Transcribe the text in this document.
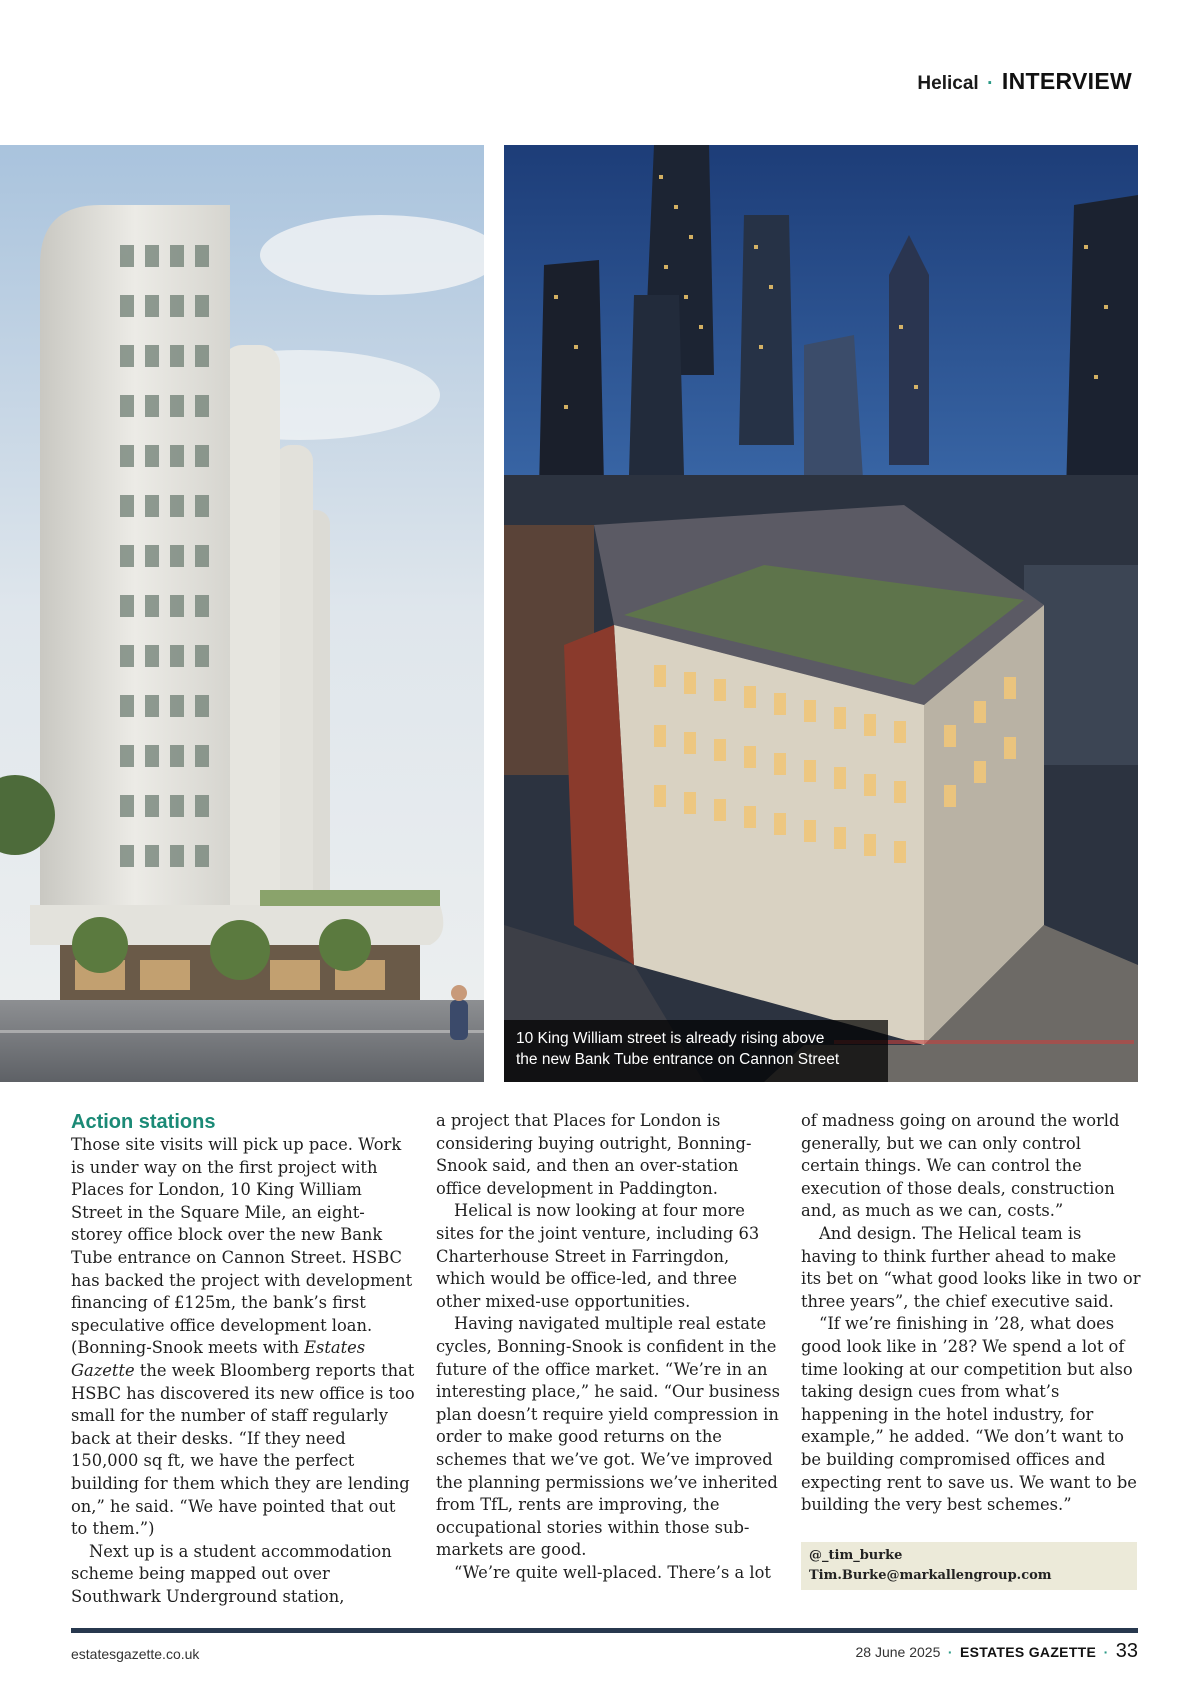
Helical · INTERVIEW
10 King William street is already rising above
the new Bank Tube entrance on Cannon Street
Action stations

Those site visits will pick up pace. Work is under way on the first project with Places for London, 10 King William Street in the Square Mile, an eight-storey office block over the new Bank Tube entrance on Cannon Street. HSBC has backed the project with development financing of £125m, the bank’s first speculative office development loan. (Bonning-Snook meets with Estates Gazette the week Bloomberg reports that HSBC has discovered its new office is too small for the number of staff regularly back at their desks. “If they need 150,000 sq ft, we have the perfect building for them which they are lending on,” he said. “We have pointed that out to them.”)

Next up is a student accommodation scheme being mapped out over Southwark Underground station,

a project that Places for London is considering buying outright, Bonning-Snook said, and then an over-station office development in Paddington.

Helical is now looking at four more sites for the joint venture, including 63 Charterhouse Street in Farringdon, which would be office-led, and three other mixed-use opportunities.

Having navigated multiple real estate cycles, Bonning-Snook is confident in the future of the office market. “We’re in an interesting place,” he said. “Our business plan doesn’t require yield compression in order to make good returns on the schemes that we’ve got. We’ve improved the planning permissions we’ve inherited from TfL, rents are improving, the occupational stories within those sub-markets are good.

“We’re quite well-placed. There’s a lot

of madness going on around the world generally, but we can only control certain things. We can control the execution of those deals, construction and, as much as we can, costs.”

And design. The Helical team is having to think further ahead to make its bet on “what good looks like in two or three years”, the chief executive said.

“If we’re finishing in ’28, what does good look like in ’28? We spend a lot of time looking at our competition but also taking design cues from what’s happening in the hotel industry, for example,” he added. “We don’t want to be building compromised offices and expecting rent to save us. We want to be building the very best schemes.”

@_tim_burke
Tim.Burke@markallengroup.com
estatesgazette.co.uk	28 June 2025 · ESTATES GAZETTE · 33
